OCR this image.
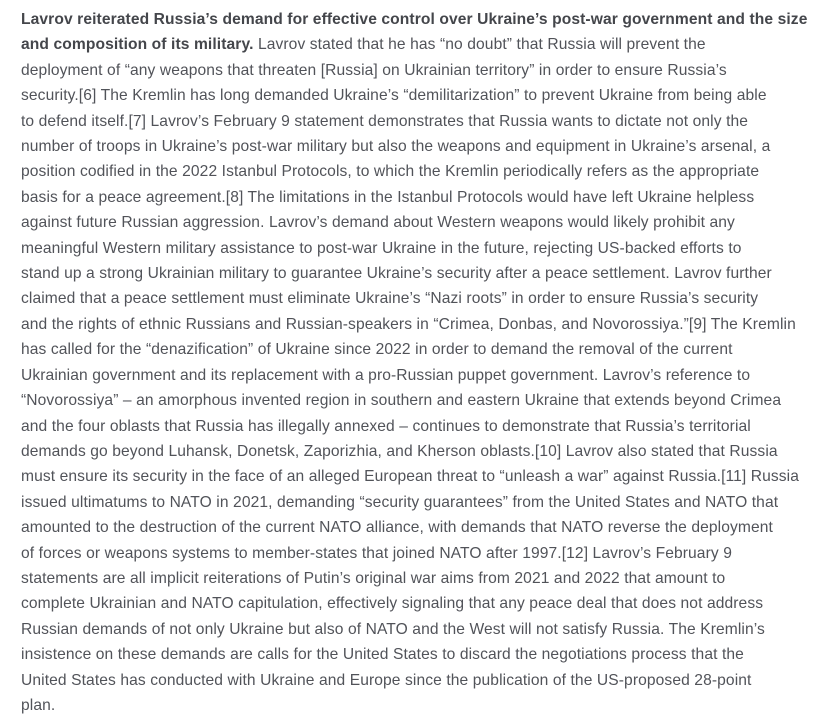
Lavrov reiterated Russia’s demand for effective control over Ukraine’s post-war government and the size
and composition of its military. Lavrov stated that he has “no doubt” that Russia will prevent the
deployment of “any weapons that threaten [Russia] on Ukrainian territory” in order to ensure Russia’s
security.[6] The Kremlin has long demanded Ukraine’s “demilitarization” to prevent Ukraine from being able
to defend itself.[7] Lavrov’s February 9 statement demonstrates that Russia wants to dictate not only the
number of troops in Ukraine’s post-war military but also the weapons and equipment in Ukraine’s arsenal, a
position codified in the 2022 Istanbul Protocols, to which the Kremlin periodically refers as the appropriate
basis for a peace agreement.[8] The limitations in the Istanbul Protocols would have left Ukraine helpless
against future Russian aggression. Lavrov’s demand about Western weapons would likely prohibit any
meaningful Western military assistance to post-war Ukraine in the future, rejecting US-backed efforts to
stand up a strong Ukrainian military to guarantee Ukraine’s security after a peace settlement. Lavrov further
claimed that a peace settlement must eliminate Ukraine’s “Nazi roots” in order to ensure Russia’s security
and the rights of ethnic Russians and Russian-speakers in “Crimea, Donbas, and Novorossiya.”[9] The Kremlin
has called for the “denazification” of Ukraine since 2022 in order to demand the removal of the current
Ukrainian government and its replacement with a pro-Russian puppet government. Lavrov’s reference to
“Novorossiya” – an amorphous invented region in southern and eastern Ukraine that extends beyond Crimea
and the four oblasts that Russia has illegally annexed – continues to demonstrate that Russia’s territorial
demands go beyond Luhansk, Donetsk, Zaporizhia, and Kherson oblasts.[10] Lavrov also stated that Russia
must ensure its security in the face of an alleged European threat to “unleash a war” against Russia.[11] Russia
issued ultimatums to NATO in 2021, demanding “security guarantees” from the United States and NATO that
amounted to the destruction of the current NATO alliance, with demands that NATO reverse the deployment
of forces or weapons systems to member-states that joined NATO after 1997.[12] Lavrov’s February 9
statements are all implicit reiterations of Putin’s original war aims from 2021 and 2022 that amount to
complete Ukrainian and NATO capitulation, effectively signaling that any peace deal that does not address
Russian demands of not only Ukraine but also of NATO and the West will not satisfy Russia. The Kremlin’s
insistence on these demands are calls for the United States to discard the negotiations process that the
United States has conducted with Ukraine and Europe since the publication of the US-proposed 28-point
plan.
